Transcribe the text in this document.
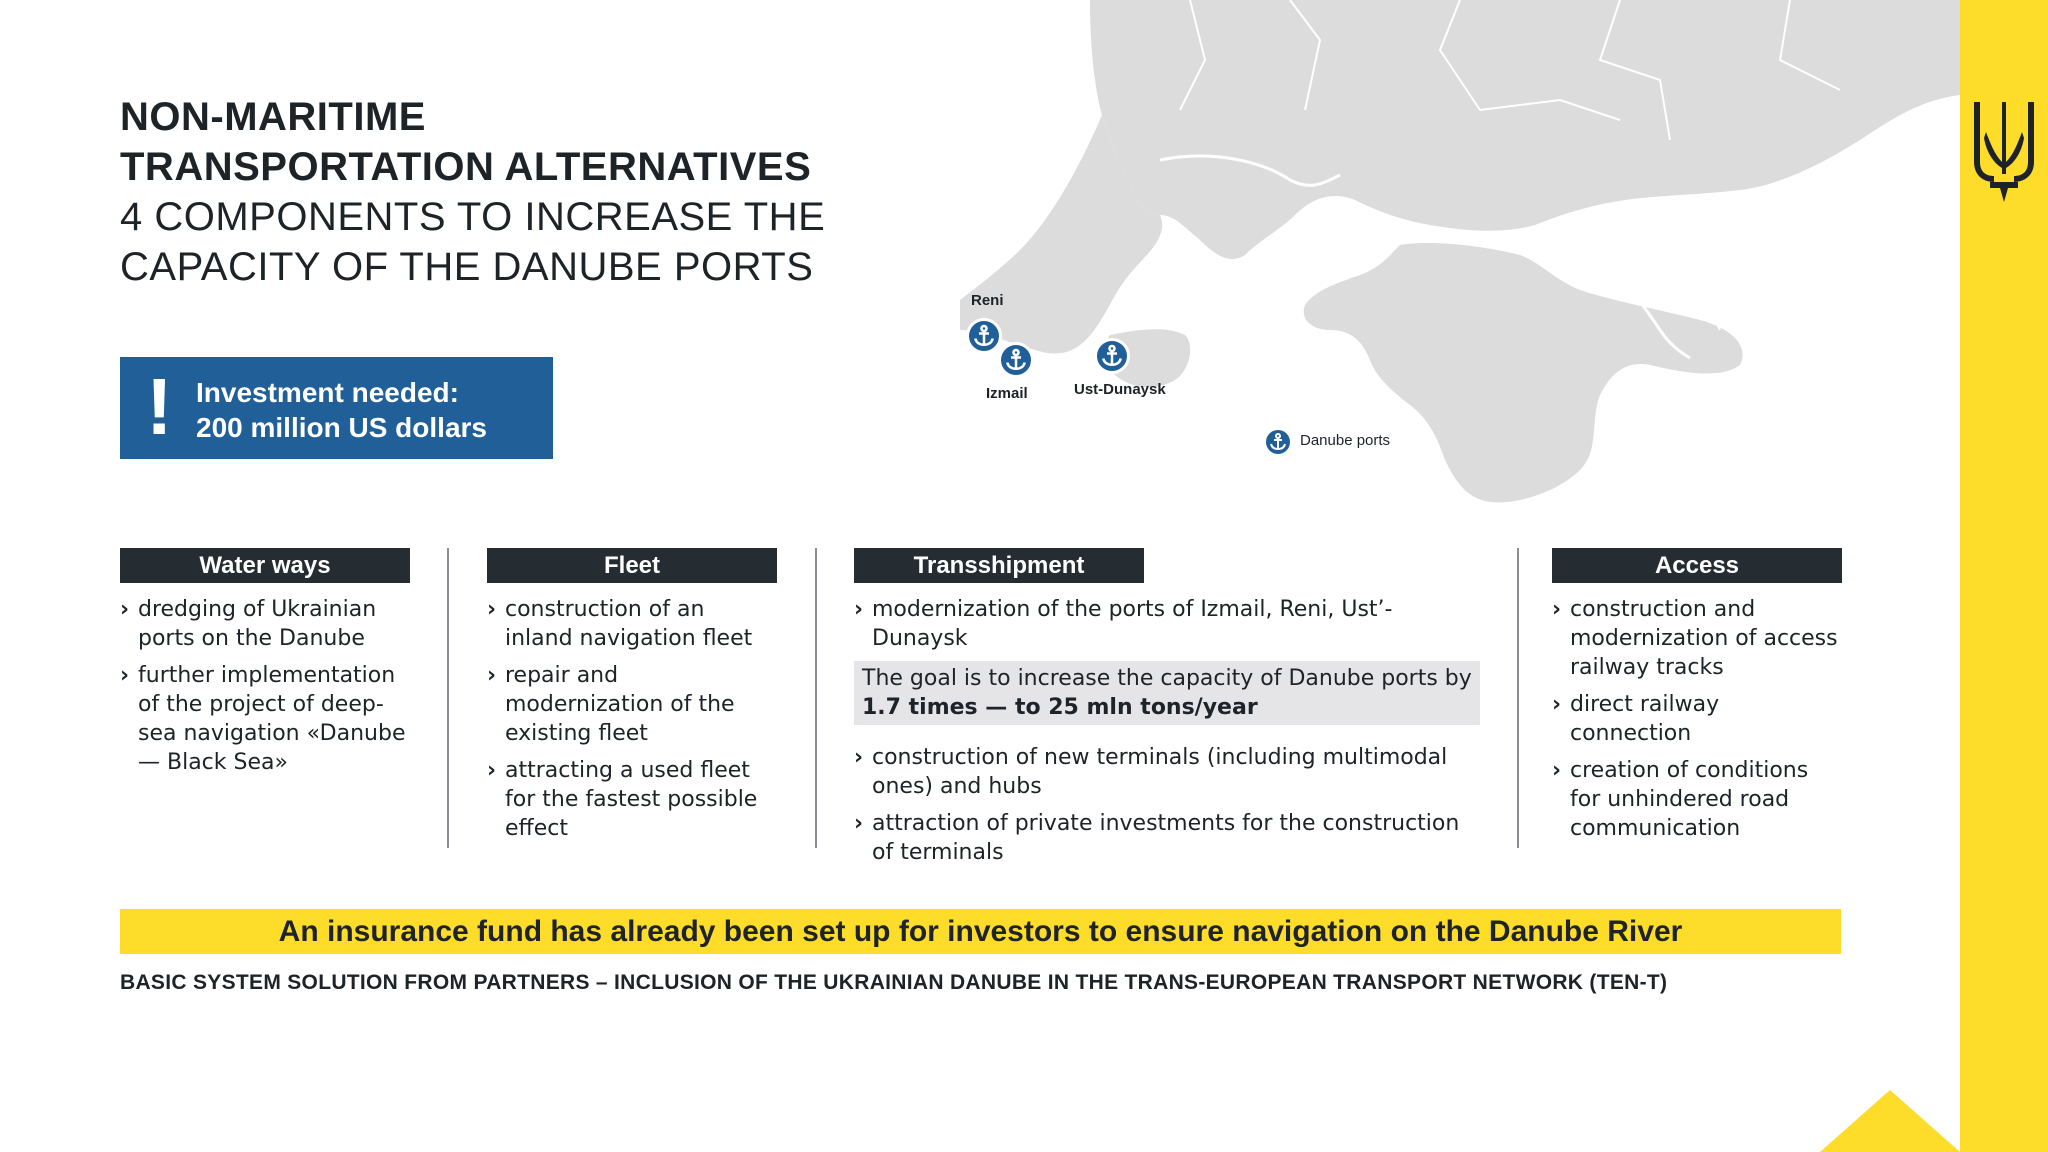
Reni
Izmail	Ust-Dunaysk
Danube ports
NON-MARITIME
TRANSPORTATION ALTERNATIVES
4 COMPONENTS TO INCREASE THE
CAPACITY OF THE DANUBE PORTS
! Investment needed:
200 million US dollars
Water ways
› dredging of Ukrainian ports on the Danube
› further implementation of the project of deep-sea navigation «Danube — Black Sea»
Fleet
› construction of an inland navigation fleet
› repair and modernization of the existing fleet
› attracting a used fleet for the fastest possible effect
Transshipment
› modernization of the ports of Izmail, Reni, Ust’-Dunaysk
The goal is to increase the capacity of Danube ports by
1.7 times — to 25 mln tons/year
› construction of new terminals (including multimodal ones) and hubs
› attraction of private investments for the construction of terminals
Access
› construction and modernization of access railway tracks
› direct railway connection
› creation of conditions for unhindered road communication
An insurance fund has already been set up for investors to ensure navigation on the Danube River
BASIC SYSTEM SOLUTION FROM PARTNERS – INCLUSION OF THE UKRAINIAN DANUBE IN THE TRANS-EUROPEAN TRANSPORT NETWORK (TEN-T)
